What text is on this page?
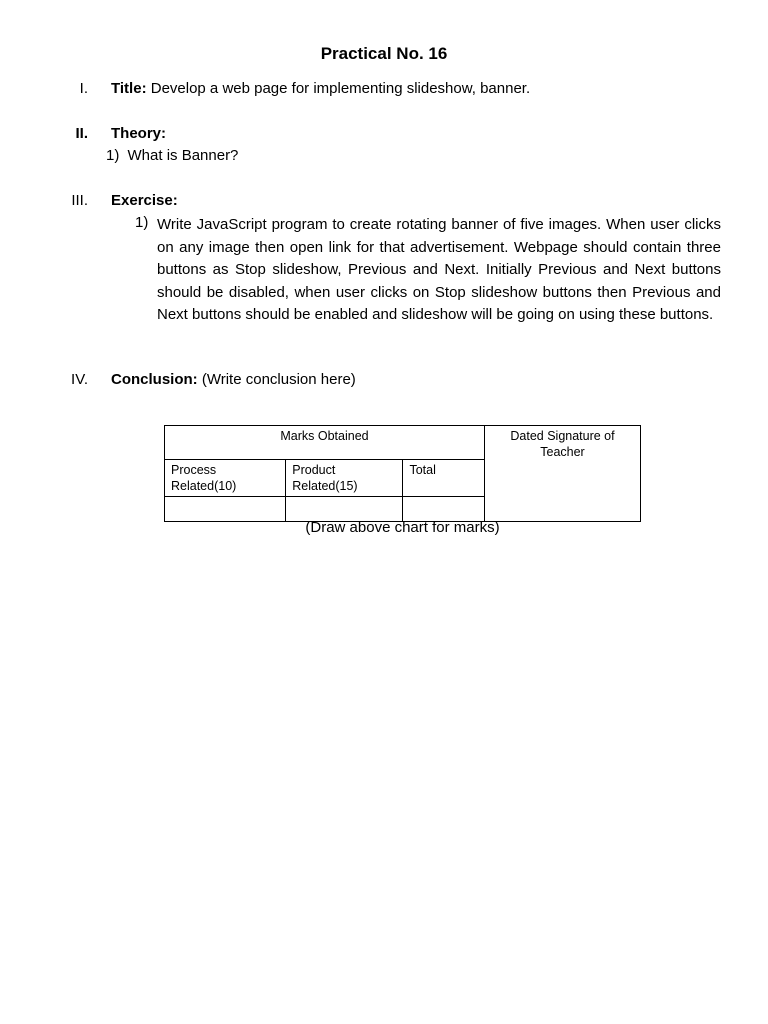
Practical No. 16
I. Title: Develop a web page for implementing slideshow, banner.
II. Theory:
1) What is Banner?
III. Exercise:
1) Write JavaScript program to create rotating banner of five images. When user clicks on any image then open link for that advertisement. Webpage should contain three buttons as Stop slideshow, Previous and Next. Initially Previous and Next buttons should be disabled, when user clicks on Stop slideshow buttons then Previous and Next buttons should be enabled and slideshow will be going on using these buttons.
IV. Conclusion: (Write conclusion here)
Marks Obtained			Dated Signature of Teacher
Process Related(10)	Product Related(15)	Total	

(Draw above chart for marks)
